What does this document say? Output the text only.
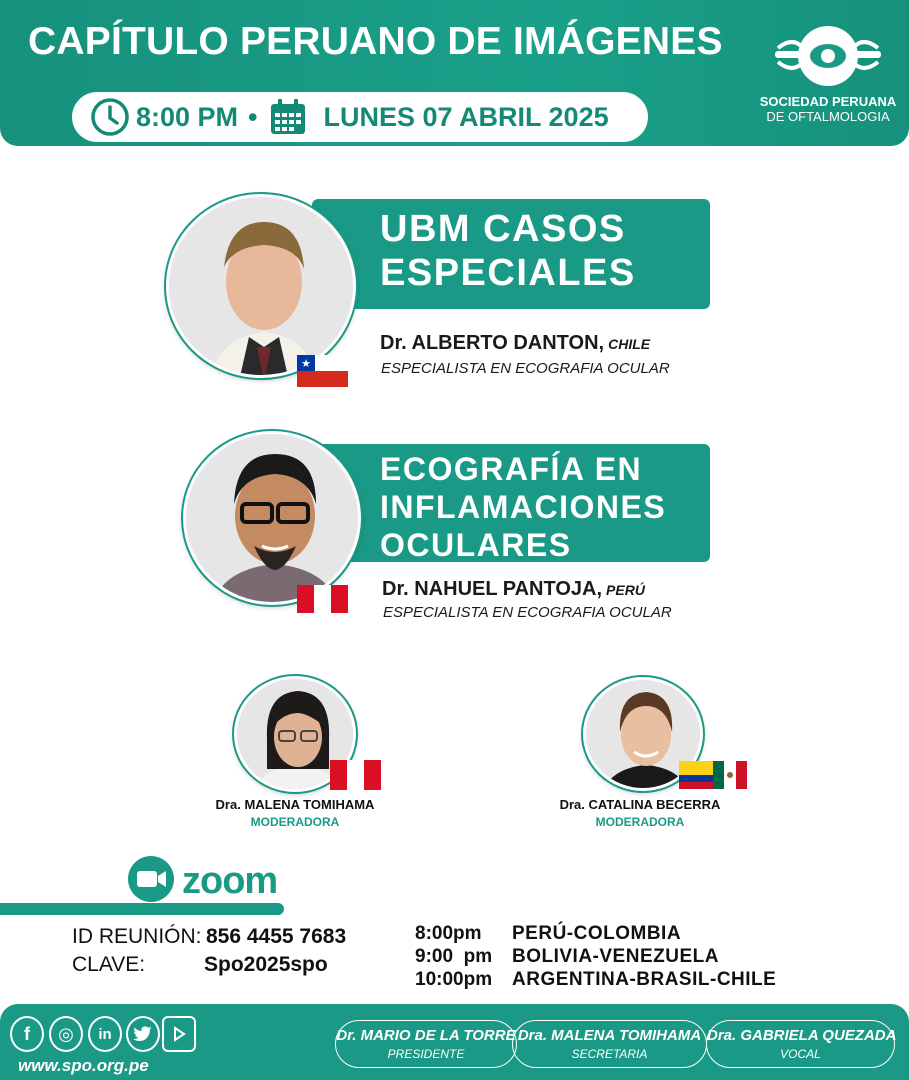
CAPÍTULO PERUANO DE IMÁGENES
8:00 PM • LUNES 07 ABRIL 2025	SOCIEDAD PERUANA
DE OFTALMOLOGIA
UBM CASOS
ESPECIALES
★
Dr. ALBERTO DANTON, CHILE
ESPECIALISTA EN ECOGRAFIA OCULAR
ECOGRAFÍA EN
INFLAMACIONES
OCULARES
Dr. NAHUEL PANTOJA, PERÚ
ESPECIALISTA EN ECOGRAFIA OCULAR
Dra. MALENA TOMIHAMA
MODERADORA
Dra. CATALINA BECERRA
MODERADORA
zoom
ID REUNIÓN: 856 4455 7683
CLAVE:	Spo2025spo
8:00pm PERÚ-COLOMBIA
9:00  pm BOLIVIA-VENEZUELA
10:00pm ARGENTINA-BRASIL-CHILE
f	◎	in
www.spo.org.pe
Dr. MARIO DE LA TORRE
PRESIDENTE
Dra. MALENA TOMIHAMA
SECRETARIA
Dra. GABRIELA QUEZADA
VOCAL
